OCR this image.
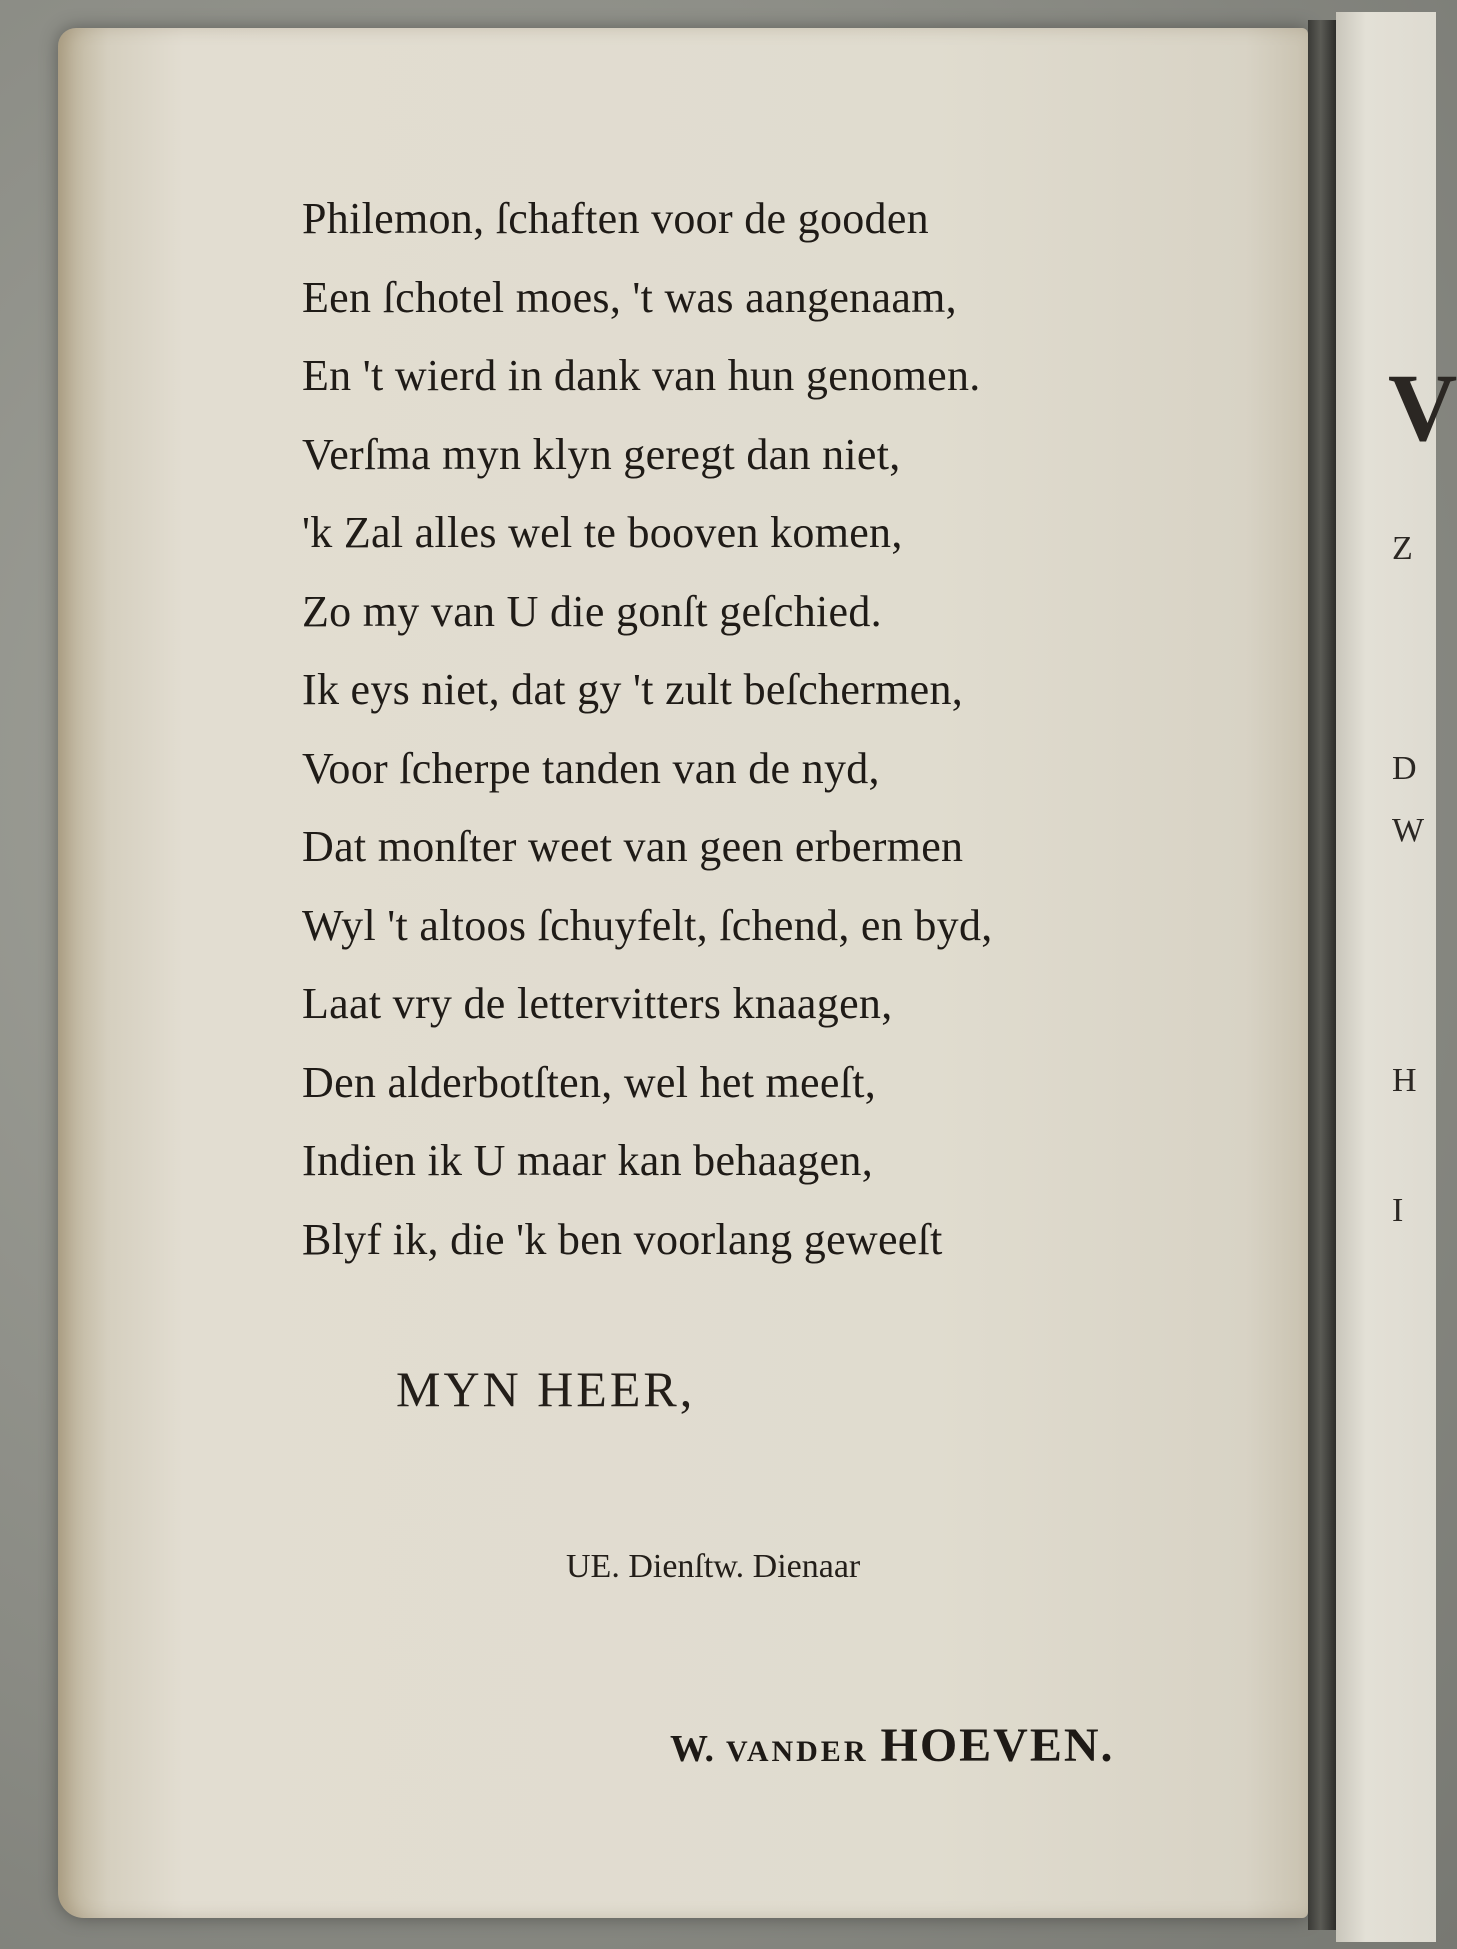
V
Z
D
W
H
I
Philemon, ſchaften voor de gooden
Een ſchotel moes, 't was aangenaam,
En 't wierd in dank van hun genomen.
Verſma myn klyn geregt dan niet,
'k Zal alles wel te booven komen,
Zo my van U die gonſt geſchied.
Ik eys niet, dat gy 't zult beſchermen,
Voor ſcherpe tanden van de nyd,
Dat monſter weet van geen erbermen
Wyl 't altoos ſchuyfelt, ſchend, en byd,
Laat vry de lettervitters knaagen,
Den alderbotſten, wel het meeſt,
Indien ik U maar kan behaagen,
Blyf ik, die 'k ben voorlang geweeſt
MYN HEER,
UE. Dienſtw. Dienaar
W. VANDER HOEVEN.
